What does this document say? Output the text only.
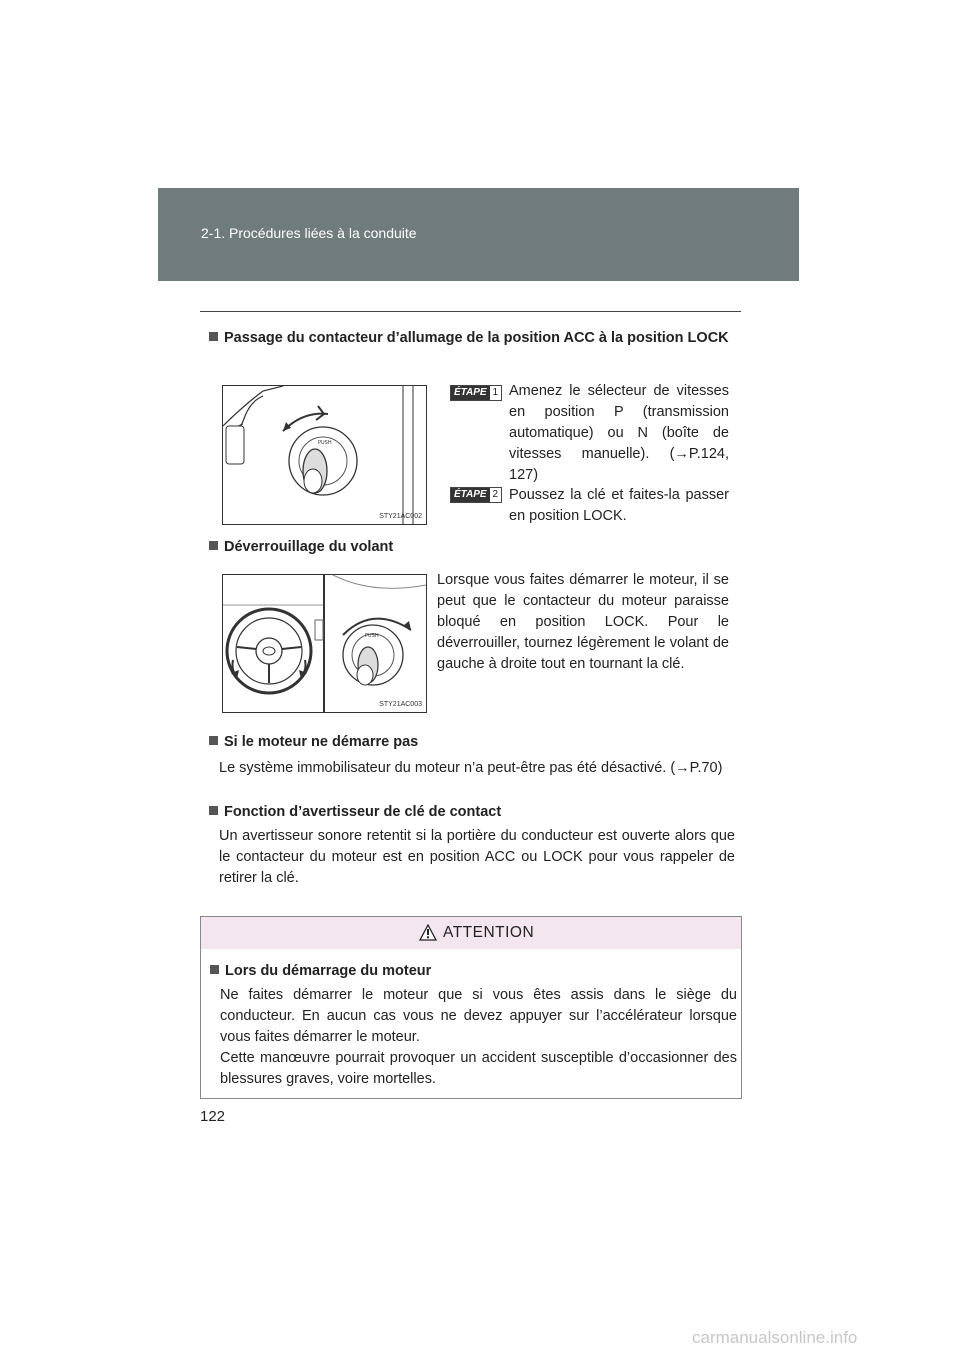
2-1. Procédures liées à la conduite
Passage du contacteur d’allumage de la position ACC à la position LOCK
PUSH
STY21AC002
ÉTAPE 1 Amenez le sélecteur de vitesses en position P (transmission automatique) ou N (boîte de vitesses manuelle). (→P.124, 127)
ÉTAPE 2 Poussez la clé et faites-la passer en position LOCK.
Déverrouillage du volant
PUSH
STY21AC003
Lorsque vous faites démarrer le moteur, il se peut que le contacteur du moteur paraisse bloqué en position LOCK. Pour le déverrouiller, tournez légèrement le volant de gauche à droite tout en tournant la clé.
Si le moteur ne démarre pas
Le système immobilisateur du moteur n’a peut-être pas été désactivé. (→P.70)
Fonction d’avertisseur de clé de contact
Un avertisseur sonore retentit si la portière du conducteur est ouverte alors que le contacteur du moteur est en position ACC ou LOCK pour vous rappeler de retirer la clé.
ATTENTION
Lors du démarrage du moteur
Ne faites démarrer le moteur que si vous êtes assis dans le siège du conducteur. En aucun cas vous ne devez appuyer sur l’accélérateur lorsque vous faites démarrer le moteur.
Cette manœuvre pourrait provoquer un accident susceptible d’occasionner des blessures graves, voire mortelles.
122
carmanualsonline.info
